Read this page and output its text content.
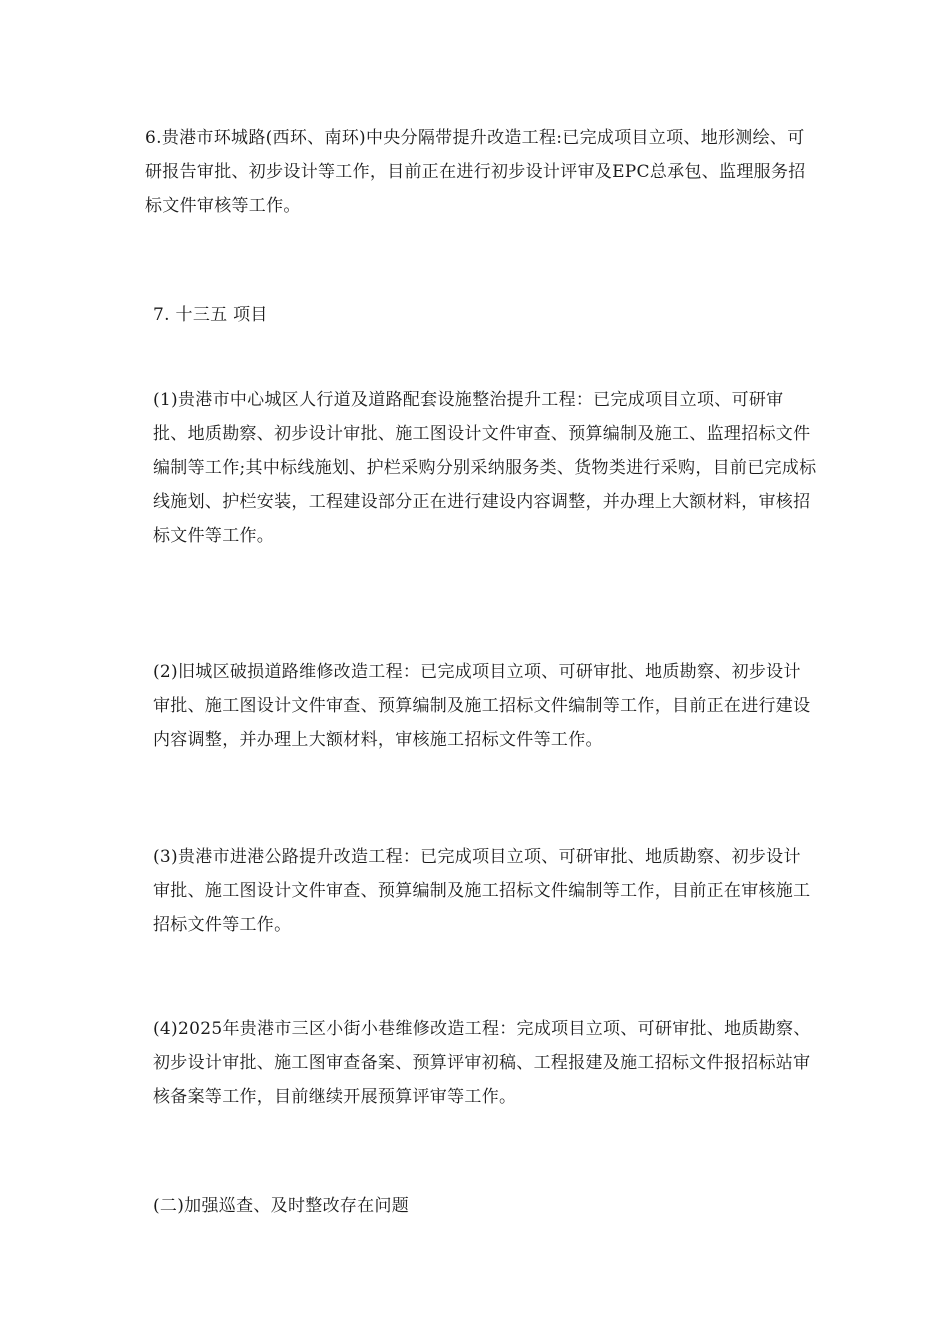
6.贵港市环城路(西环、南环)中央分隔带提升改造工程:已完成项目立项、地形测绘、可研报告审批、初步设计等工作，目前正在进行初步设计评审及EPC总承包、监理服务招标文件审核等工作。

7. 十三五 项目

(1)贵港市中心城区人行道及道路配套设施整治提升工程：已完成项目立项、可研审批、地质勘察、初步设计审批、施工图设计文件审查、预算编制及施工、监理招标文件编制等工作;其中标线施划、护栏采购分别采纳服务类、货物类进行采购，目前已完成标线施划、护栏安装，工程建设部分正在进行建设内容调整，并办理上大额材料，审核招标文件等工作。

(2)旧城区破损道路维修改造工程：已完成项目立项、可研审批、地质勘察、初步设计审批、施工图设计文件审查、预算编制及施工招标文件编制等工作，目前正在进行建设内容调整，并办理上大额材料，审核施工招标文件等工作。

(3)贵港市进港公路提升改造工程：已完成项目立项、可研审批、地质勘察、初步设计审批、施工图设计文件审查、预算编制及施工招标文件编制等工作，目前正在审核施工招标文件等工作。

(4)2025年贵港市三区小街小巷维修改造工程：完成项目立项、可研审批、地质勘察、初步设计审批、施工图审查备案、预算评审初稿、工程报建及施工招标文件报招标站审核备案等工作，目前继续开展预算评审等工作。

(二)加强巡查、及时整改存在问题
